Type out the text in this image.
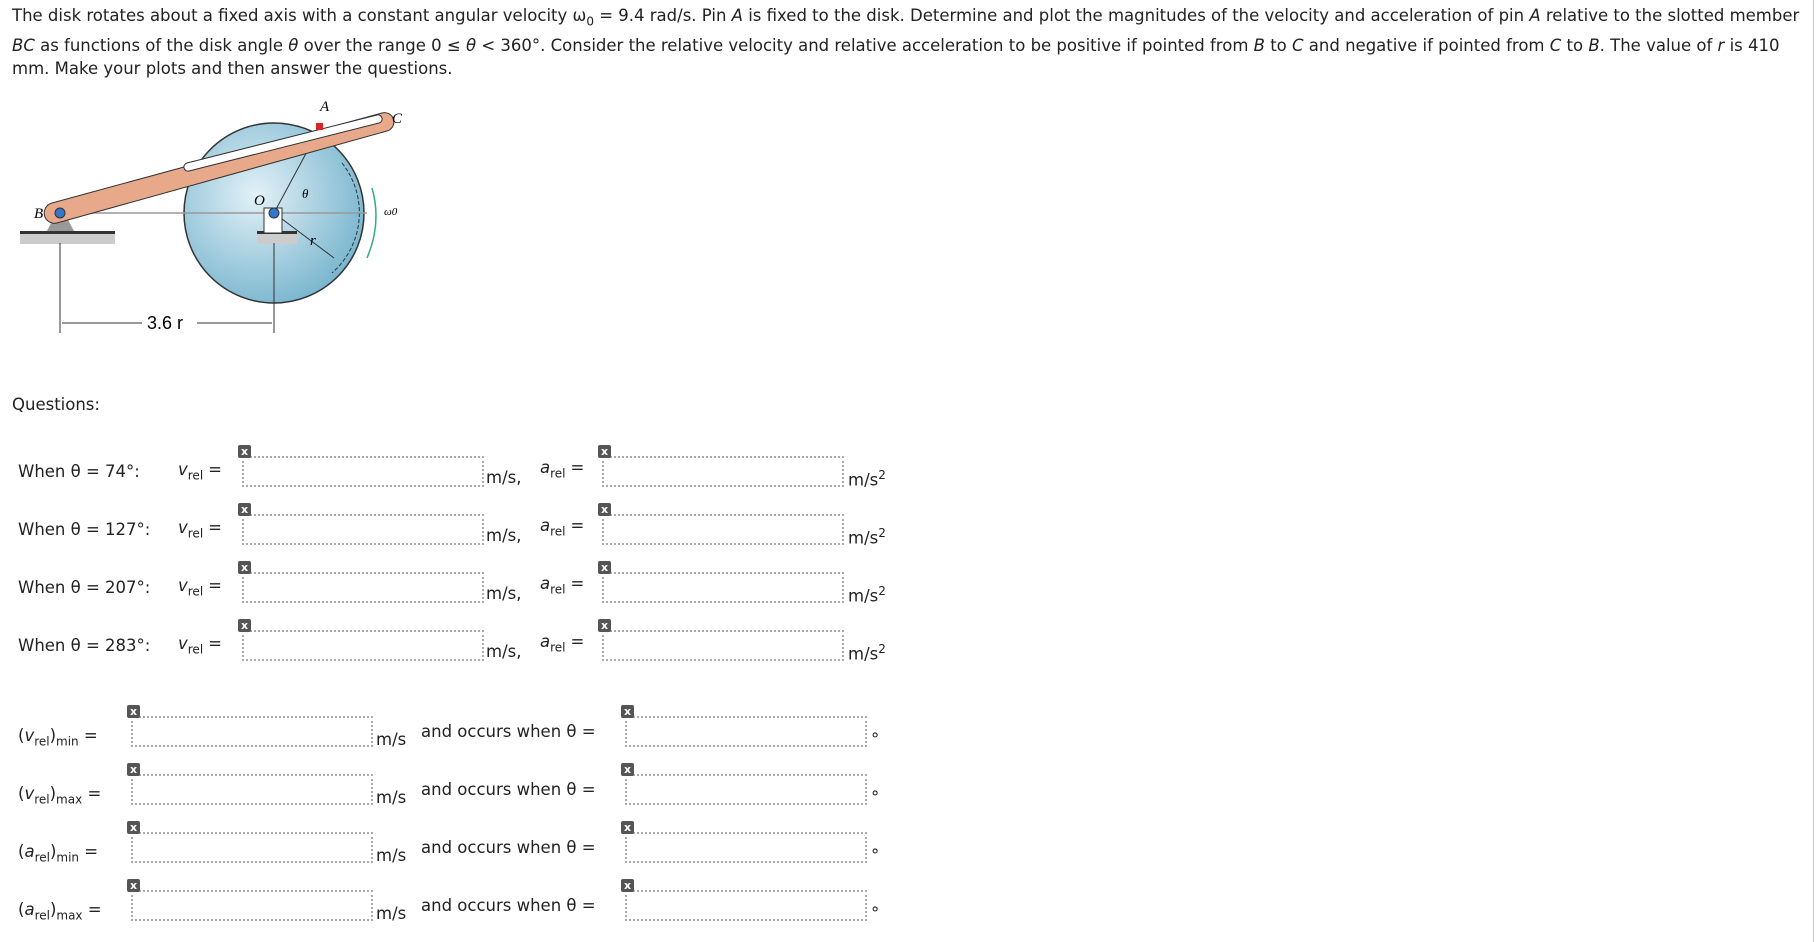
The disk rotates about a fixed axis with a constant angular velocity $\omega_0 = 9.4$ rad/s. Pin A is fixed to the disk. Determine and plot the magnitudes of the velocity and acceleration of pin A relative to the slotted member BC as functions of the disk angle θ over the range 0 ≤ θ < 360°. Consider the relative velocity and relative acceleration to be positive if pointed from B to C and negative if pointed from C to B. The value of r is 410 mm. Make your plots and then answer the questions.
A
C
B
O	θ
ω0
r
3.6 r
Questions:
When θ = 74°: $v_{rel}$ =
x
m/s,
$a_{rel}$ =
x
$m/s^2$
When θ = 127°: $v_{rel}$ =
x
m/s,
$a_{rel}$ =
x
$m/s^2$
When θ = 207°: $v_{rel}$ =
x
m/s,
$a_{rel}$ =
x
$m/s^2$
When θ = 283°: $v_{rel}$ =
x
m/s,
$a_{rel}$ =
x
$m/s^2$
$(v_{rel})_{min}$ =
x
m/s and occurs when θ =
x
°
$(v_{rel})_{max}$ =
x
m/s and occurs when θ =
x
°
$(a_{rel})_{min}$ =
x
m/s and occurs when θ =
x
°
$(a_{rel})_{max}$ =
x
m/s and occurs when θ =
x
°
